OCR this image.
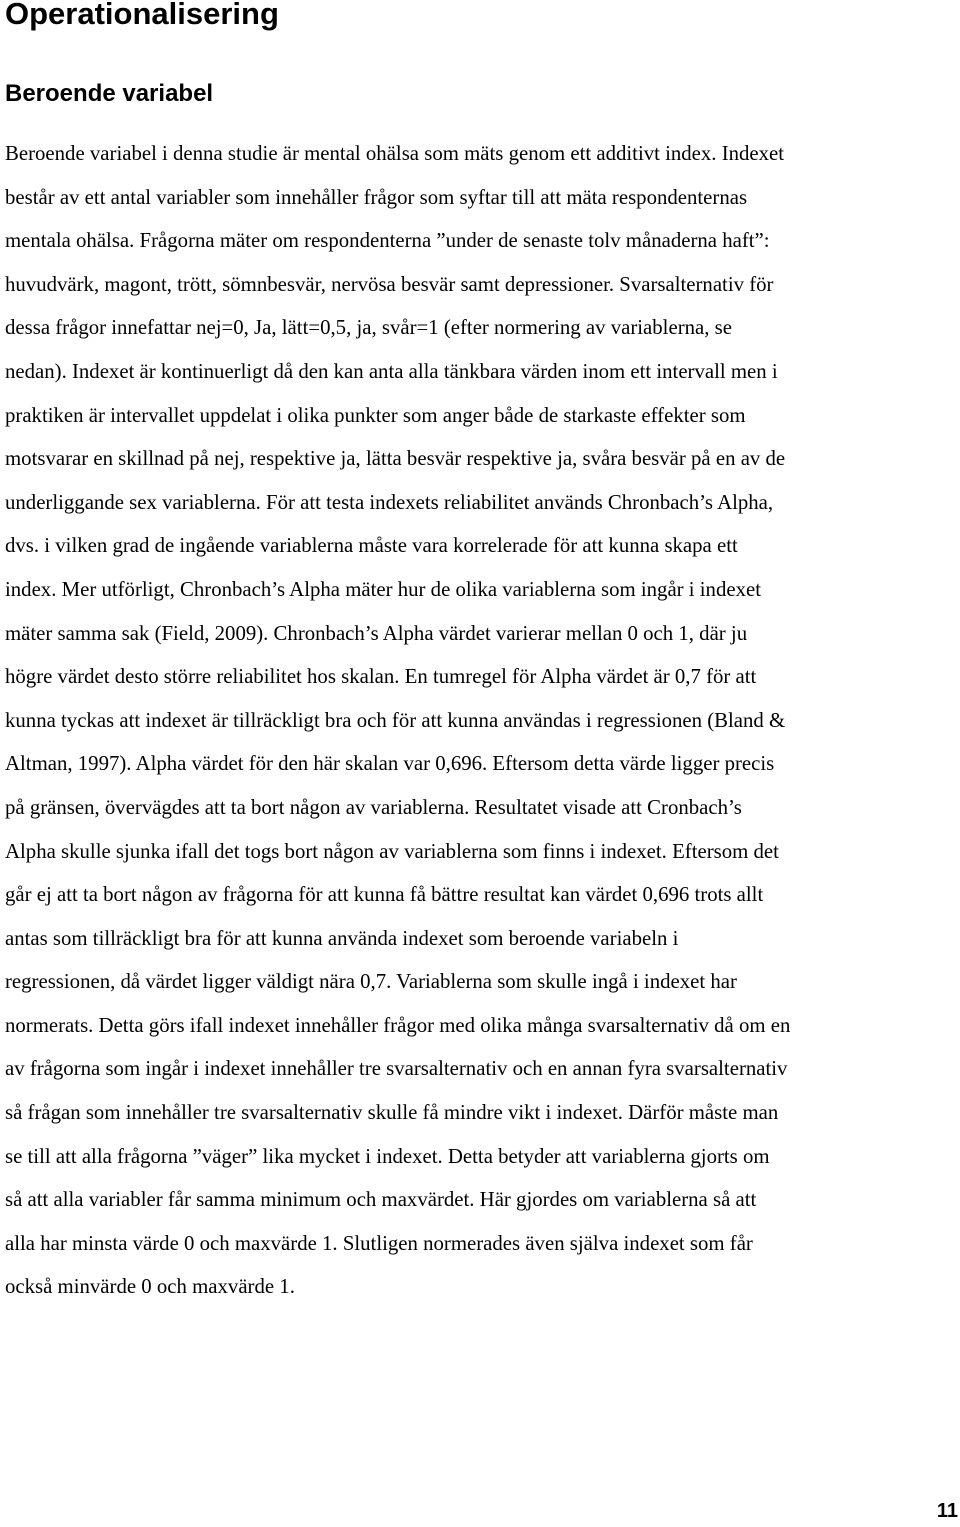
Operationalisering
Beroende variabel
Beroende variabel i denna studie är mental ohälsa som mäts genom ett additivt index. Indexet
består av ett antal variabler som innehåller frågor som syftar till att mäta respondenternas
mentala ohälsa. Frågorna mäter om respondenterna ”under de senaste tolv månaderna haft”:
huvudvärk, magont, trött, sömnbesvär, nervösa besvär samt depressioner. Svarsalternativ för
dessa frågor innefattar nej=0, Ja, lätt=0,5, ja, svår=1 (efter normering av variablerna, se
nedan). Indexet är kontinuerligt då den kan anta alla tänkbara värden inom ett intervall men i
praktiken är intervallet uppdelat i olika punkter som anger både de starkaste effekter som
motsvarar en skillnad på nej, respektive ja, lätta besvär respektive ja, svåra besvär på en av de
underliggande sex variablerna. För att testa indexets reliabilitet används Chronbach’s Alpha,
dvs. i vilken grad de ingående variablerna måste vara korrelerade för att kunna skapa ett
index. Mer utförligt, Chronbach’s Alpha mäter hur de olika variablerna som ingår i indexet
mäter samma sak (Field, 2009). Chronbach’s Alpha värdet varierar mellan 0 och 1, där ju
högre värdet desto större reliabilitet hos skalan. En tumregel för Alpha värdet är 0,7 för att
kunna tyckas att indexet är tillräckligt bra och för att kunna användas i regressionen (Bland &
Altman, 1997). Alpha värdet för den här skalan var 0,696. Eftersom detta värde ligger precis
på gränsen, övervägdes att ta bort någon av variablerna. Resultatet visade att Cronbach’s
Alpha skulle sjunka ifall det togs bort någon av variablerna som finns i indexet. Eftersom det
går ej att ta bort någon av frågorna för att kunna få bättre resultat kan värdet 0,696 trots allt
antas som tillräckligt bra för att kunna använda indexet som beroende variabeln i
regressionen, då värdet ligger väldigt nära 0,7. Variablerna som skulle ingå i indexet har
normerats. Detta görs ifall indexet innehåller frågor med olika många svarsalternativ då om en
av frågorna som ingår i indexet innehåller tre svarsalternativ och en annan fyra svarsalternativ
så frågan som innehåller tre svarsalternativ skulle få mindre vikt i indexet. Därför måste man
se till att alla frågorna ”väger” lika mycket i indexet. Detta betyder att variablerna gjorts om
så att alla variabler får samma minimum och maxvärdet. Här gjordes om variablerna så att
alla har minsta värde 0 och maxvärde 1. Slutligen normerades även själva indexet som får
också minvärde 0 och maxvärde 1.
11
